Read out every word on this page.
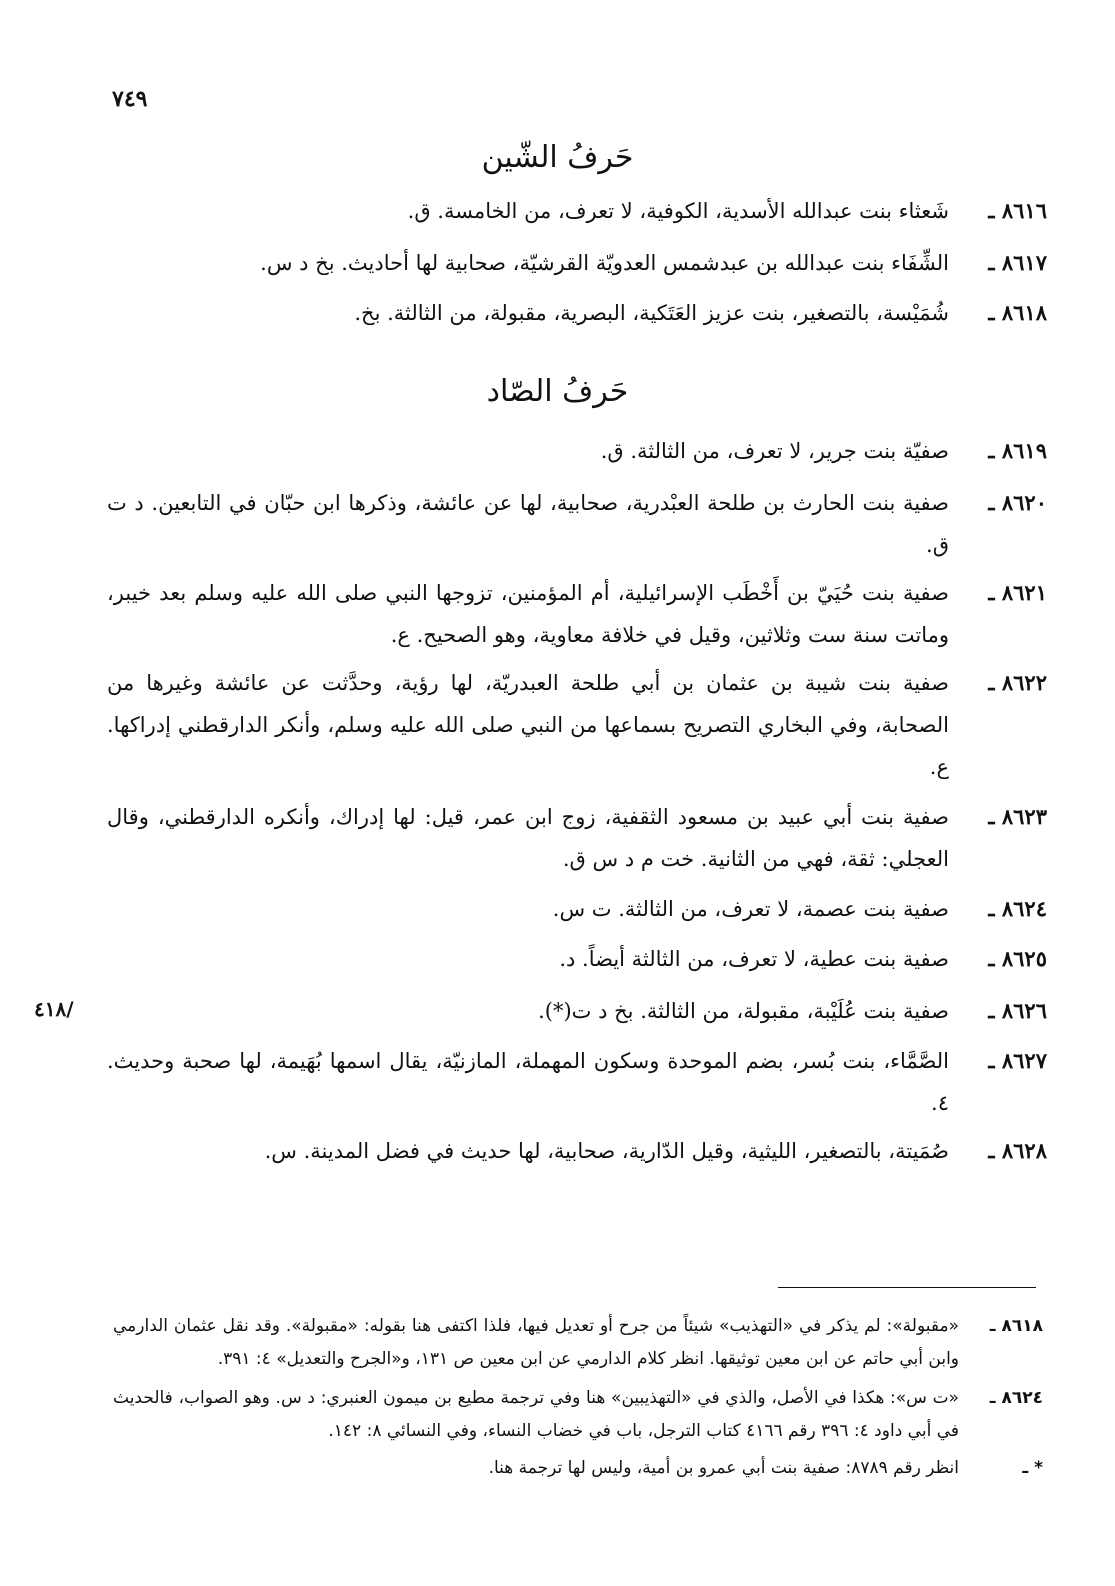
٧٤٩
حَرفُ الشّين
٨٦١٦ ـ
شَعثاء بنت عبدالله الأسدية، الكوفية، لا تعرف، من الخامسة. ق.
٨٦١٧ ـ
الشِّفَاء بنت عبدالله بن عبدشمس العدويّة القرشيّة، صحابية لها أحاديث. بخ د س.
٨٦١٨ ـ
شُمَيْسة، بالتصغير، بنت عزيز العَتَكية، البصرية، مقبولة، من الثالثة. بخ.
حَرفُ الصّاد
٨٦١٩ ـ
صفيّة بنت جرير، لا تعرف، من الثالثة. ق.
٨٦٢٠ ـ
صفية بنت الحارث بن طلحة العبْدرية، صحابية، لها عن عائشة، وذكرها ابن حبّان في التابعين. د ت ق.
٨٦٢١ ـ
صفية بنت حُيَيّ بن أَخْطَب الإسرائيلية، أم المؤمنين، تزوجها النبي صلى الله عليه وسلم بعد خيبر، وماتت سنة ست وثلاثين، وقيل في خلافة معاوية، وهو الصحيح. ع.
٨٦٢٢ ـ
صفية بنت شيبة بن عثمان بن أبي طلحة العبدريّة، لها رؤية، وحدَّثت عن عائشة وغيرها من الصحابة، وفي البخاري التصريح بسماعها من النبي صلى الله عليه وسلم، وأنكر الدارقطني إدراكها. ع.
٨٦٢٣ ـ
صفية بنت أبي عبيد بن مسعود الثقفية، زوج ابن عمر، قيل: لها إدراك، وأنكره الدارقطني، وقال العجلي: ثقة، فهي من الثانية. خت م د س ق.
٨٦٢٤ ـ
صفية بنت عصمة، لا تعرف، من الثالثة. ت س.
٨٦٢٥ ـ
صفية بنت عطية، لا تعرف، من الثالثة أيضاً. د.
٨٦٢٦ ـ
صفية بنت عُلَيْبة، مقبولة، من الثالثة. بخ د ت(*).
٨٦٢٧ ـ
الصَّمَّاء، بنت بُسر، بضم الموحدة وسكون المهملة، المازنيّة، يقال اسمها بُهَيمة، لها صحبة وحديث. ٤.
٨٦٢٨ ـ
صُمَيتة، بالتصغير، الليثية، وقيل الدّارية، صحابية، لها حديث في فضل المدينة. س.
/٤١٨
٨٦١٨ ـ
«مقبولة»: لم يذكر في «التهذيب» شيئاً من جرح أو تعديل فيها، فلذا اكتفى هنا بقوله: «مقبولة». وقد نقل عثمان الدارمي وابن أبي حاتم عن ابن معين توثيقها. انظر كلام الدارمي عن ابن معين ص ١٣١، و«الجرح والتعديل» ٤: ٣٩١.
٨٦٢٤ ـ
«ت س»: هكذا في الأصل، والذي في «التهذيبين» هنا وفي ترجمة مطيع بن ميمون العنبري: د س. وهو الصواب، فالحديث في أبي داود ٤: ٣٩٦ رقم ٤١٦٦ كتاب الترجل، باب في خضاب النساء، وفي النسائي ٨: ١٤٢.
* ـ
انظر رقم ٨٧٨٩: صفية بنت أبي عمرو بن أمية، وليس لها ترجمة هنا.
